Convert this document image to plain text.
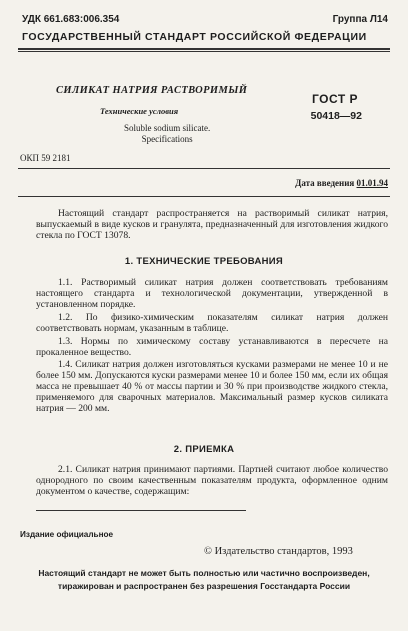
УДК 661.683:006.354	Группа Л14
ГОСУДАРСТВЕННЫЙ СТАНДАРТ РОССИЙСКОЙ ФЕДЕРАЦИИ
СИЛИКАТ НАТРИЯ РАСТВОРИМЫЙ
Технические условия
Soluble sodium silicate.
Specifications
ГОСТ Р
50418—92
ОКП 59 2181
Дата введения 01.01.94
Настоящий стандарт распространяется на растворимый силикат натрия, выпускаемый в виде кусков и гранулята, предназначенный для изготовления жидкого стекла по ГОСТ 13078.
1. ТЕХНИЧЕСКИЕ ТРЕБОВАНИЯ
1.1. Растворимый силикат натрия должен соответствовать требованиям настоящего стандарта и технологической документации, утвержденной в установленном порядке.
1.2. По физико-химическим показателям силикат натрия должен соответствовать нормам, указанным в таблице.
1.3. Нормы по химическому составу устанавливаются в пересчете на прокаленное вещество.
1.4. Силикат натрия должен изготовляться кусками размерами не менее 10 и не более 150 мм. Допускаются куски размерами менее 10 и более 150 мм, если их общая масса не превышает 40 % от массы партии и 30 % при производстве жидкого стекла, применяемого для сварочных материалов. Максимальный размер кусков силиката натрия — 200 мм.
2. ПРИЕМКА
2.1. Силикат натрия принимают партиями. Партией считают любое количество однородного по своим качественным показателям продукта, оформленное одним документом о качестве, содержащим:
Издание официальное
© Издательство стандартов, 1993
Настоящий стандарт не может быть полностью или частично воспроизведен,
тиражирован и распространен без разрешения Госстандарта России
